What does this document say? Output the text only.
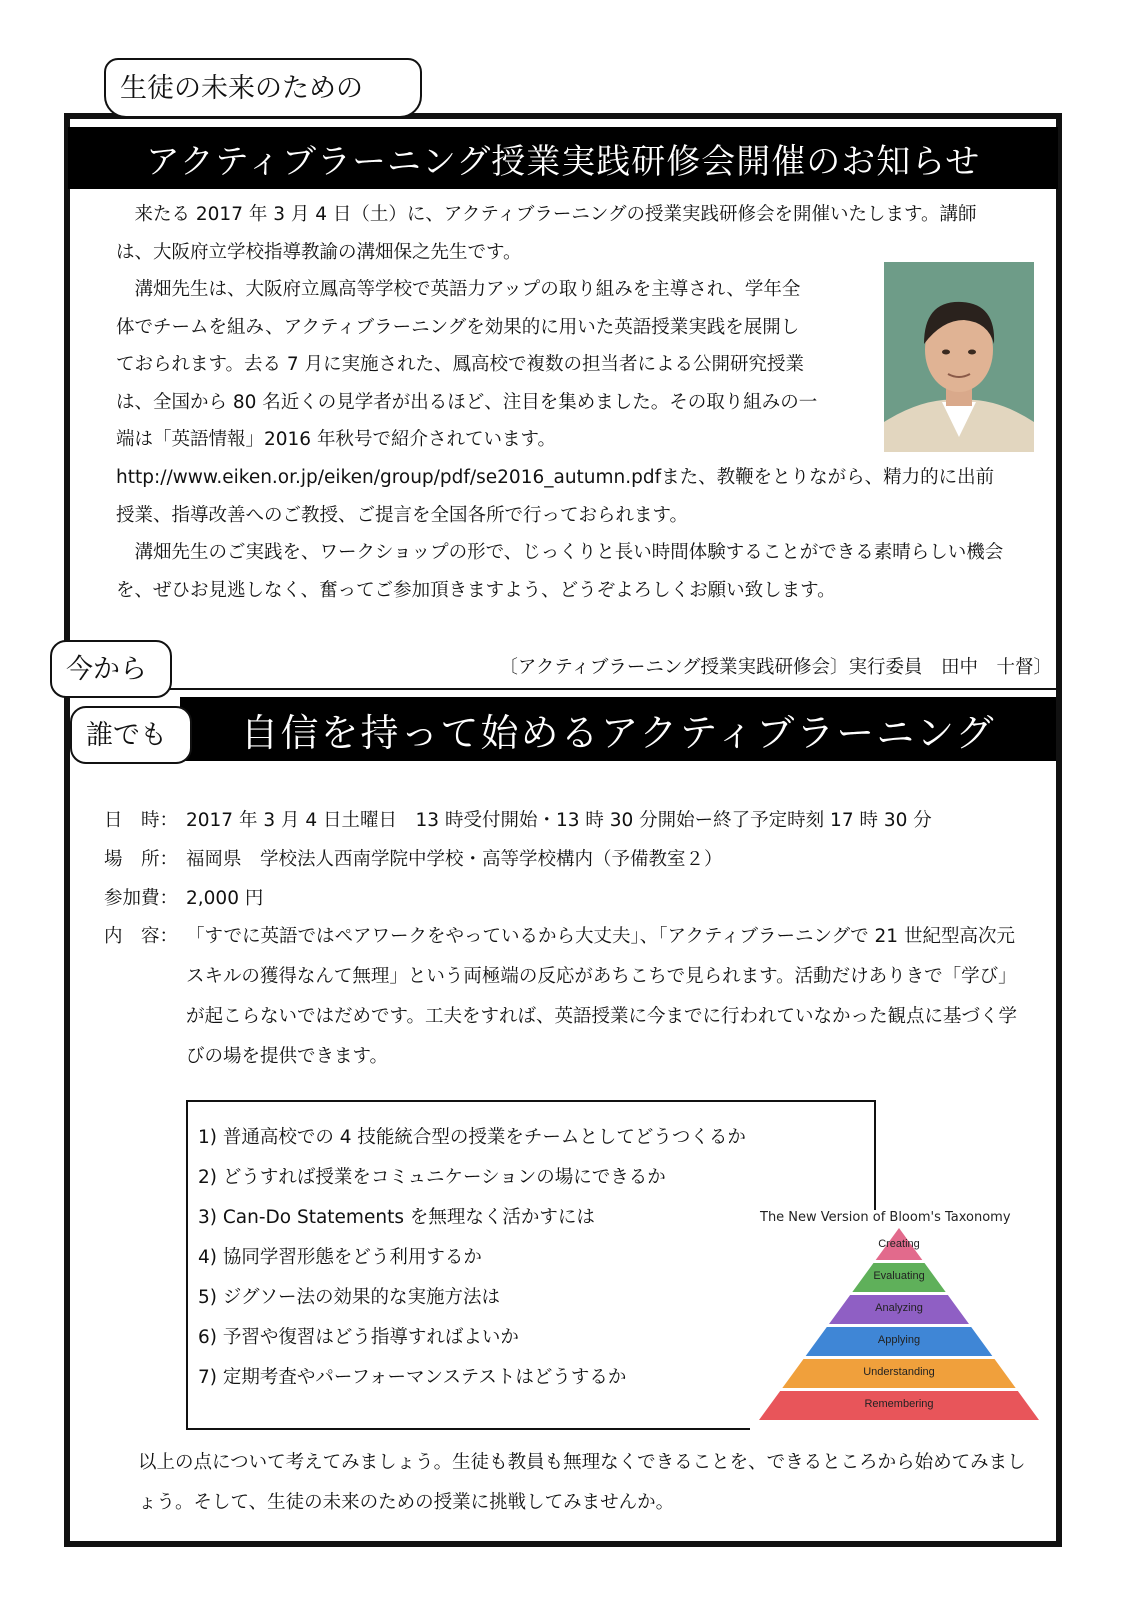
アクティブラーニング授業実践研修会開催のお知らせ
生徒の未来のための

来たる 2017 年 3 月 4 日（土）に、アクティブラーニングの授業実践研修会を開催いたします。講師は、大阪府立学校指導教諭の溝畑保之先生です。

溝畑先生は、大阪府立鳳高等学校で英語力アップの取り組みを主導され、学年全
体でチームを組み、アクティブラーニングを効果的に用いた英語授業実践を展開し
ておられます。去る 7 月に実施された、鳳高校で複数の担当者による公開研究授業
は、全国から 80 名近くの見学者が出るほど、注目を集めました。その取り組みの一
端は「英語情報」2016 年秋号で紹介されています。

http://www.eiken.or.jp/eiken/group/pdf/se2016_autumn.pdfまた、教鞭をとりながら、精力的に出前授業、指導改善へのご教授、ご提言を全国各所で行っておられます。

溝畑先生のご実践を、ワークショップの形で、じっくりと長い時間体験することができる素晴らしい機会を、ぜひお見逃しなく、奮ってご参加頂きますよう、どうぞよろしくお願い致します。

〔アクティブラーニング授業実践研修会〕実行委員　田中　十督〕
自信を持って始めるアクティブラーニング
今から
誰でも

日　時： 2017 年 3 月 4 日土曜日　13 時受付開始・13 時 30 分開始ー終了予定時刻 17 時 30 分

場　所： 福岡県　学校法人西南学院中学校・高等学校構内（予備教室２）

参加費： 2,000 円

内　容： 「すでに英語ではペアワークをやっているから大丈夫」、「アクティブラーニングで 21 世紀型高次元スキルの獲得なんて無理」という両極端の反応があちこちで見られます。活動だけありきで「学び」が起こらないではだめです。工夫をすれば、英語授業に今までに行われていなかった観点に基づく学びの場を提供できます。
1) 普通高校での 4 技能統合型の授業をチームとしてどうつくるか
2) どうすれば授業をコミュニケーションの場にできるか
3) Can-Do Statements を無理なく活かすには
4) 協同学習形態をどう利用するか
5) ジグソー法の効果的な実施方法は
6) 予習や復習はどう指導すればよいか
7) 定期考査やパーフォーマンステストはどうするか
The New Version of Bloom's Taxonomy
Creating
Evaluating
Analyzing
Applying
Understanding
Remembering

以上の点について考えてみましょう。生徒も教員も無理なくできることを、できるところから始めてみましょう。そして、生徒の未来のための授業に挑戦してみませんか。
